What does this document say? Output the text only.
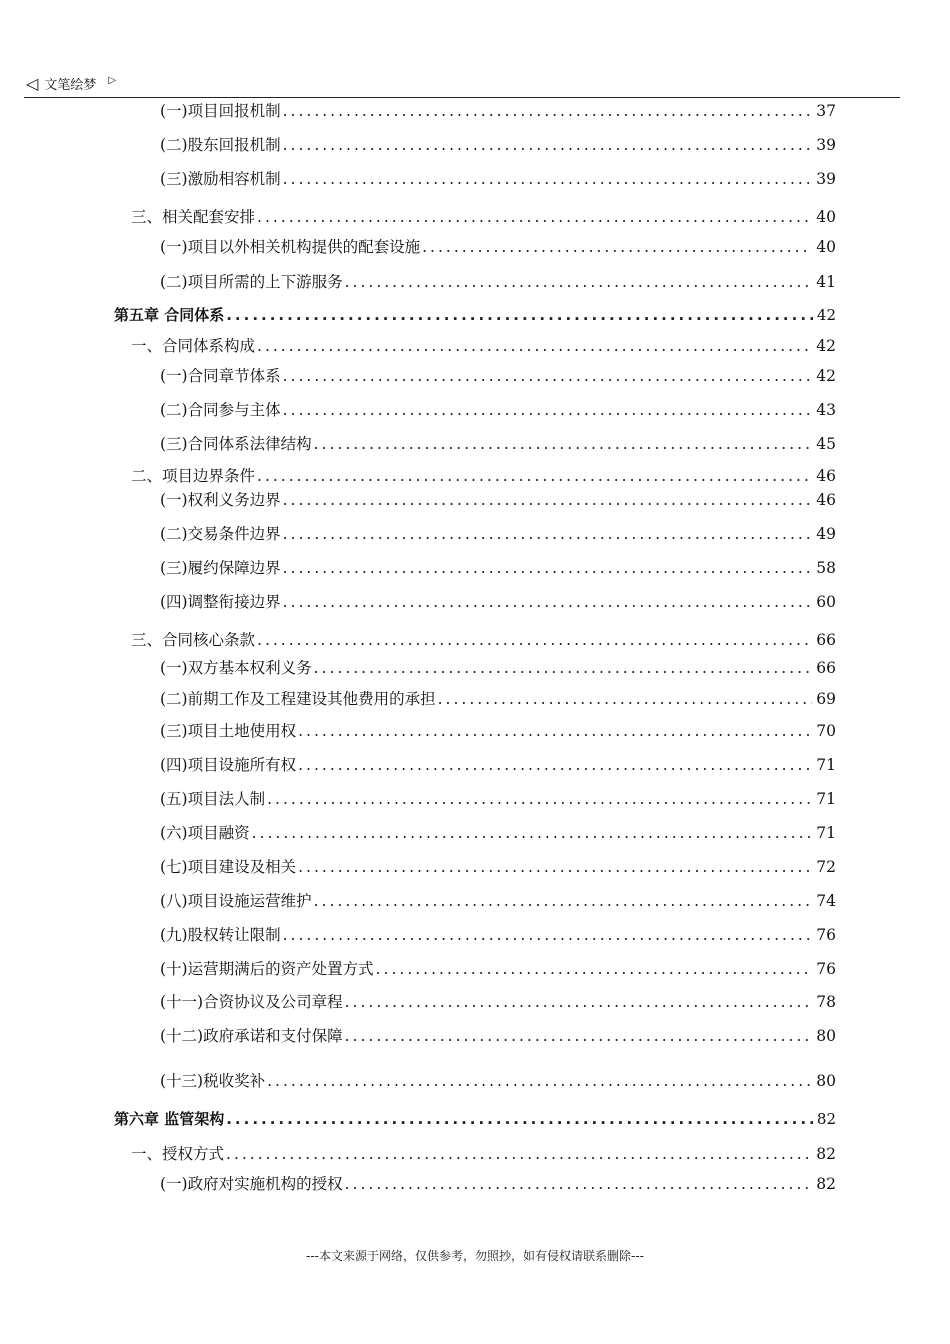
◁ 文笔绘梦 ▷
(一)项目回报机制 .....	37
(二)股东回报机制 .....	39
(三)激励相容机制 .....	39
三、相关配套安排 .....	40
(一)项目以外相关机构提供的配套设施 .....	40
(二)项目所需的上下游服务 .....	41
第五章 合同体系 .....	42
一、合同体系构成 .....	42
(一)合同章节体系 .....	42
(二)合同参与主体 .....	43
(三)合同体系法律结构 .....	45
二、项目边界条件 .....	46
(一)权利义务边界 .....	46
(二)交易条件边界 .....	49
(三)履约保障边界 .....	58
(四)调整衔接边界 .....	60
三、合同核心条款 .....	66
(一)双方基本权利义务 .....	66
(二)前期工作及工程建设其他费用的承担 .....	69
(三)项目土地使用权 .....	70
(四)项目设施所有权 .....	71
(五)项目法人制 .....	71
(六)项目融资 .....	71
(七)项目建设及相关 .....	72
(八)项目设施运营维护 .....	74
(九)股权转让限制 .....	76
(十)运营期满后的资产处置方式 .....	76
(十一)合资协议及公司章程 .....	78
(十二)政府承诺和支付保障 .....	80
(十三)税收奖补 .....	80
第六章 监管架构 .....	82
一、授权方式 .....	82
(一)政府对实施机构的授权 .....	82
---本文来源于网络，仅供参考，勿照抄，如有侵权请联系删除---
